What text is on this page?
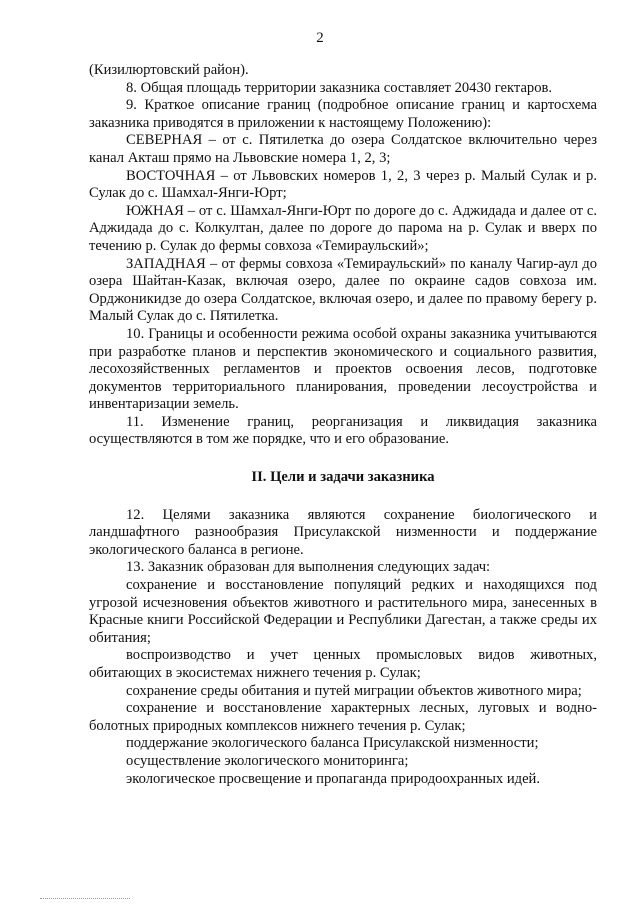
2

(Кизилюртовский район).

8. Общая площадь территории заказника составляет 20430 гектаров.

9. Краткое описание границ (подробное описание границ и картосхема заказника приводятся в приложении к настоящему Положению):

СЕВЕРНАЯ – от с. Пятилетка до озера Солдатское включительно через канал Акташ прямо на Львовские номера 1, 2, 3;

ВОСТОЧНАЯ – от Львовских номеров 1, 2, 3 через р. Малый Сулак и р. Сулак до с. Шамхал-Янги-Юрт;

ЮЖНАЯ – от с. Шамхал-Янги-Юрт по дороге до с. Аджидада и далее от с. Аджидада до с. Колкултан, далее по дороге до парома на р. Сулак и вверх по течению р. Сулак до фермы совхоза «Темираульский»;

ЗАПАДНАЯ – от фермы совхоза «Темираульский» по каналу Чагир-аул до озера Шайтан-Казак, включая озеро, далее по окраине садов совхоза им. Орджоникидзе до озера Солдатское, включая озеро, и далее по правому берегу р. Малый Сулак до с. Пятилетка.

10. Границы и особенности режима особой охраны заказника учитываются при разработке планов и перспектив экономического и социального развития, лесохозяйственных регламентов и проектов освоения лесов, подготовке документов территориального планирования, проведении лесоустройства и инвентаризации земель.

11. Изменение границ, реорганизация и ликвидация заказника осуществляются в том же порядке, что и его образование.

II. Цели и задачи заказника

12. Целями заказника являются сохранение биологического и ландшафтного разнообразия Присулакской низменности и поддержание экологического баланса в регионе.

13. Заказник образован для выполнения следующих задач:

сохранение и восстановление популяций редких и находящихся под угрозой исчезновения объектов животного и растительного мира, занесенных в Красные книги Российской Федерации и Республики Дагестан, а также среды их обитания;

воспроизводство и учет ценных промысловых видов животных, обитающих в экосистемах нижнего течения р. Сулак;

сохранение среды обитания и путей миграции объектов животного мира;

сохранение и восстановление характерных лесных, луговых и водно-болотных природных комплексов нижнего течения р. Сулак;

поддержание экологического баланса Присулакской низменности;

осуществление экологического мониторинга;

экологическое просвещение и пропаганда природоохранных идей.
